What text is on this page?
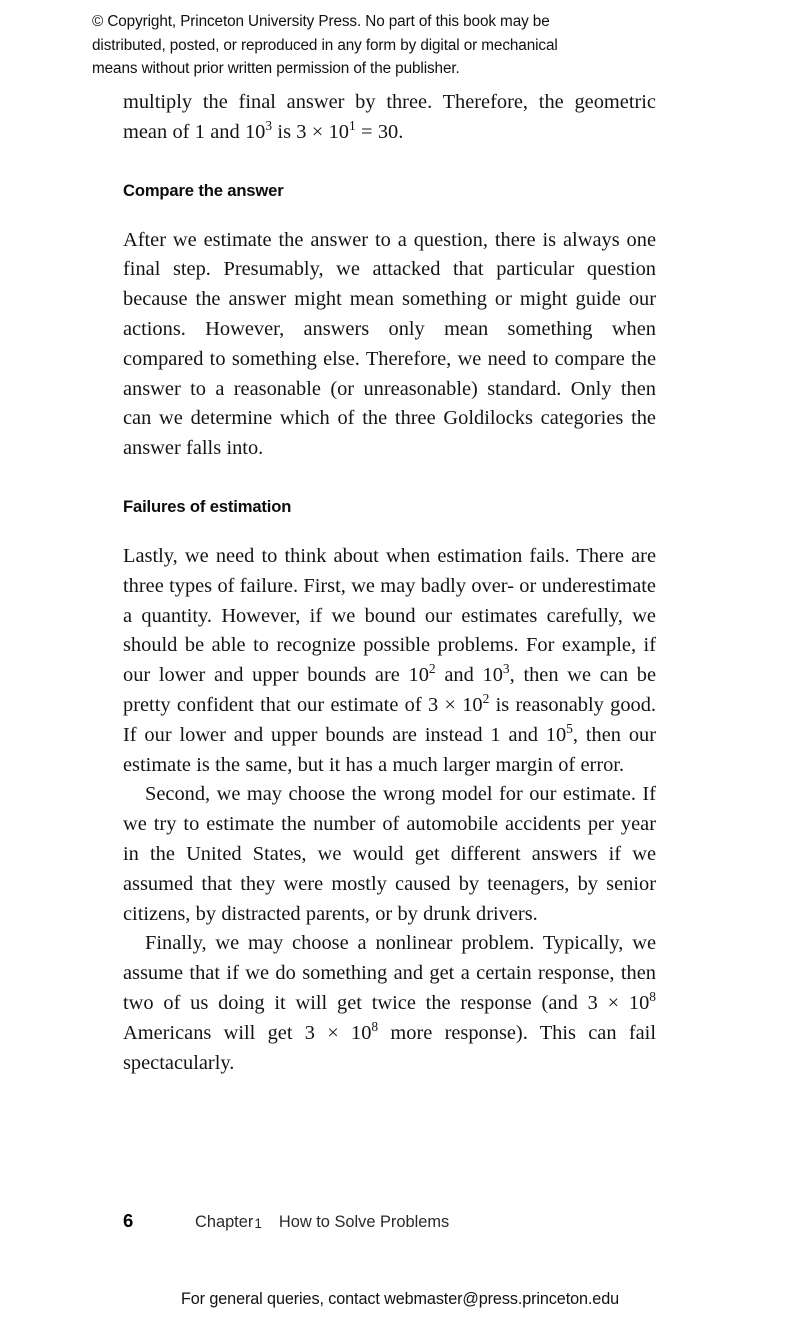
© Copyright, Princeton University Press. No part of this book may be
distributed, posted, or reproduced in any form by digital or mechanical
means without prior written permission of the publisher.

multiply the final answer by three. Therefore, the geometric mean of 1 and $10^3$ is $3 \times 10^1 = 30$.

Compare the answer

After we estimate the answer to a question, there is always one final step. Presumably, we attacked that particular question because the answer might mean something or might guide our actions. However, answers only mean something when compared to something else. Therefore, we need to compare the answer to a reasonable (or unreasonable) standard. Only then can we determine which of the three Goldilocks categories the answer falls into.

Failures of estimation

Lastly, we need to think about when estimation fails. There are three types of failure. First, we may badly over- or underestimate a quantity. However, if we bound our estimates carefully, we should be able to recognize possible problems. For example, if our lower and upper bounds are $10^2$ and $10^3$, then we can be pretty confident that our estimate of $3 \times 10^2$ is reasonably good. If our lower and upper bounds are instead 1 and $10^5$, then our estimate is the same, but it has a much larger margin of error.

Second, we may choose the wrong model for our estimate. If we try to estimate the number of automobile accidents per year in the United States, we would get different answers if we assumed that they were mostly caused by teenagers, by senior citizens, by distracted parents, or by drunk drivers.

Finally, we may choose a nonlinear problem. Typically, we assume that if we do something and get a certain response, then two of us doing it will get twice the response (and $3 \times 10^8$ Americans will get $3 \times 10^8$ more response). This can fail spectacularly.

6	Chapter1 How to Solve Problems
For general queries, contact webmaster@press.princeton.edu
